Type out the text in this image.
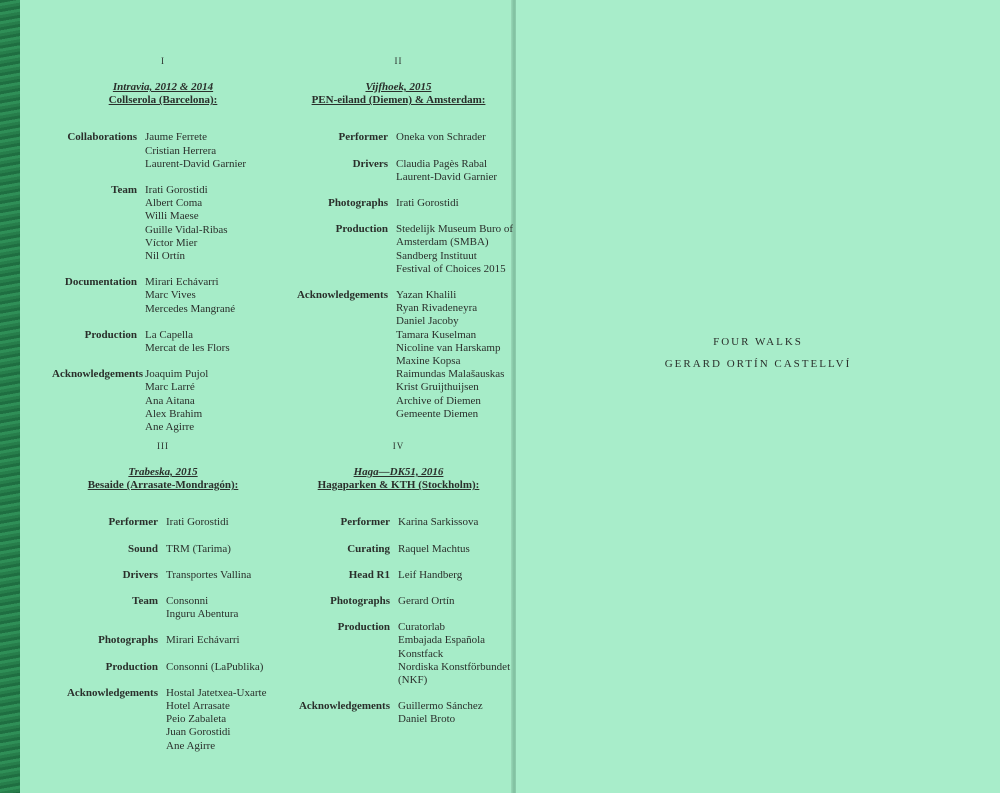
I
Intravia, 2012 & 2014
Collserola (Barcelona):
Collaborations Jaume Ferrete
Cristian Herrera
Laurent-David Garnier
Team Irati Gorostidi
Albert Coma
Willi Maese
Guille Vidal-Ribas
Víctor Mier
Nil Ortín
Documentation Mirari Echávarri
Marc Vives
Mercedes Mangrané
Production La Capella
Mercat de les Flors
Acknowledgements Joaquim Pujol
Marc Larré
Ana Aitana
Alex Brahim
Ane Agirre
II
Vijfhoek, 2015
PEN-eiland (Diemen) & Amsterdam:
Performer Oneka von Schrader
Drivers Claudia Pagès Rabal
Laurent-David Garnier
Photographs Irati Gorostidi
Production Stedelijk Museum Buro of
Amsterdam (SMBA)
Sandberg Instituut
Festival of Choices 2015
Acknowledgements Yazan Khalili
Ryan Rivadeneyra
Daniel Jacoby
Tamara Kuselman
Nicoline van Harskamp
Maxine Kopsa
Raimundas Malašauskas
Krist Gruijthuijsen
Archive of Diemen
Gemeente Diemen
III
Trabeska, 2015
Besaide (Arrasate-Mondragón):
Performer Irati Gorostidi
Sound TRM (Tarima)
Drivers Transportes Vallina
Team Consonni
Inguru Abentura
Photographs Mirari Echávarri
Production Consonni (LaPublika)
Acknowledgements Hostal Jatetxea-Uxarte
Hotel Arrasate
Peio Zabaleta
Juan Gorostidi
Ane Agirre
IV
Haga—DK51, 2016
Hagaparken & KTH (Stockholm):
Performer Karina Sarkissova
Curating Raquel Machtus
Head R1 Leif Handberg
Photographs Gerard Ortín
Production Curatorlab
Embajada Española
Konstfack
Nordiska Konstförbundet
(NKF)
Acknowledgements Guillermo Sánchez
Daniel Broto
FOUR WALKS
GERARD ORTÍN CASTELLVÍ
